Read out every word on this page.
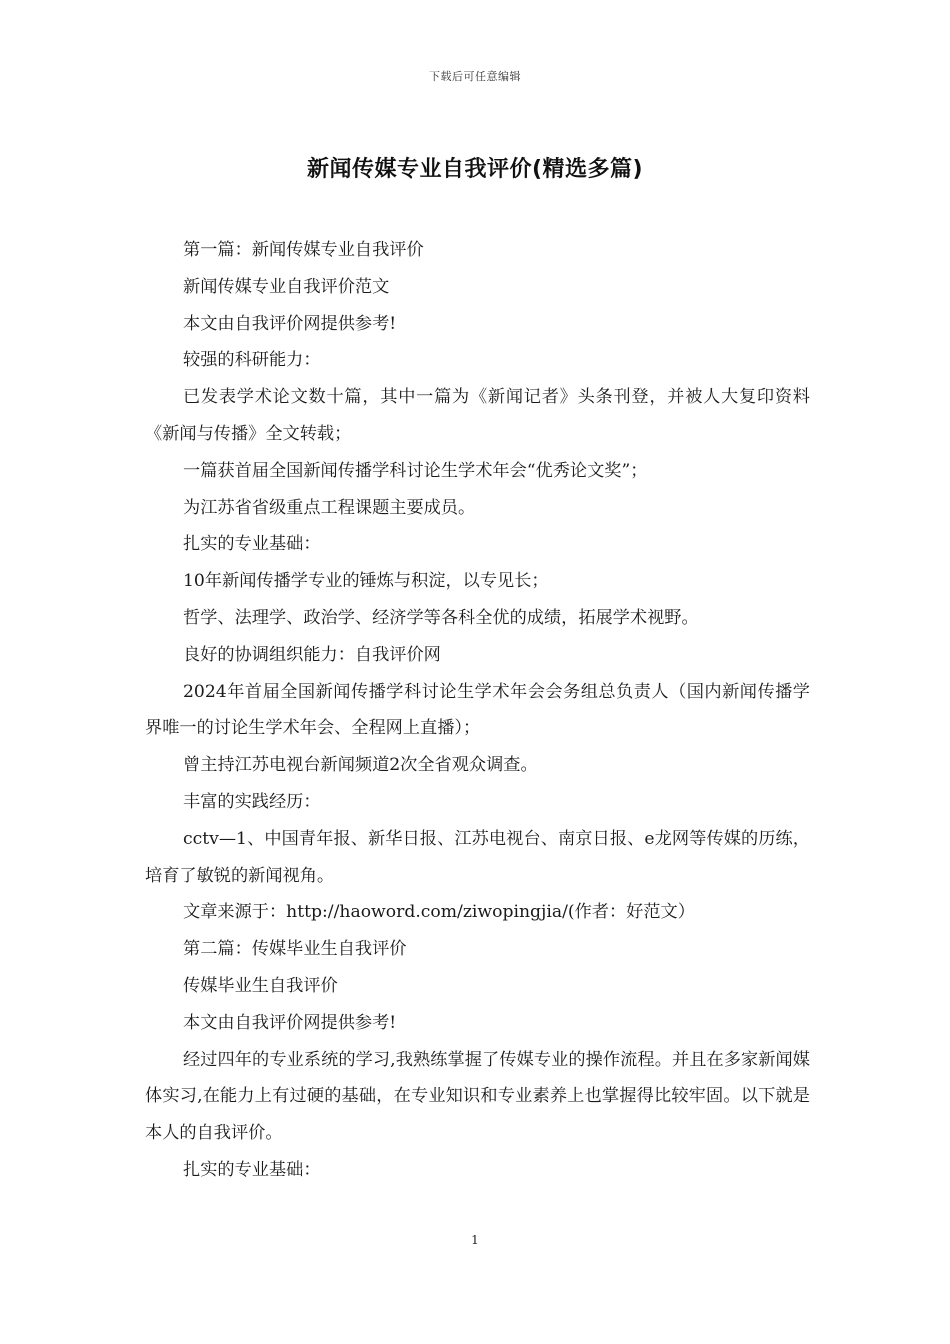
下载后可任意编辑
新闻传媒专业自我评价(精选多篇)

第一篇：新闻传媒专业自我评价

新闻传媒专业自我评价范文

本文由自我评价网提供参考!

较强的科研能力：

已发表学术论文数十篇，其中一篇为《新闻记者》头条刊登，并被人大复印资料《新闻与传播》全文转载；

一篇获首届全国新闻传播学科讨论生学术年会“优秀论文奖”；

为江苏省省级重点工程课题主要成员。

扎实的专业基础：

10年新闻传播学专业的锤炼与积淀，以专见长；

哲学、法理学、政治学、经济学等各科全优的成绩，拓展学术视野。

良好的协调组织能力：自我评价网

2024年首届全国新闻传播学科讨论生学术年会会务组总负责人（国内新闻传播学界唯一的讨论生学术年会、全程网上直播）；

曾主持江苏电视台新闻频道2次全省观众调查。

丰富的实践经历：

cctv—1、中国青年报、新华日报、江苏电视台、南京日报、e龙网等传媒的历练，培育了敏锐的新闻视角。

文章来源于：http://haoword.com/ziwopingjia/(作者：好范文）

第二篇：传媒毕业生自我评价

传媒毕业生自我评价

本文由自我评价网提供参考!

经过四年的专业系统的学习,我熟练掌握了传媒专业的操作流程。并且在多家新闻媒体实习,在能力上有过硬的基础，在专业知识和专业素养上也掌握得比较牢固。以下就是本人的自我评价。

扎实的专业基础：

1
